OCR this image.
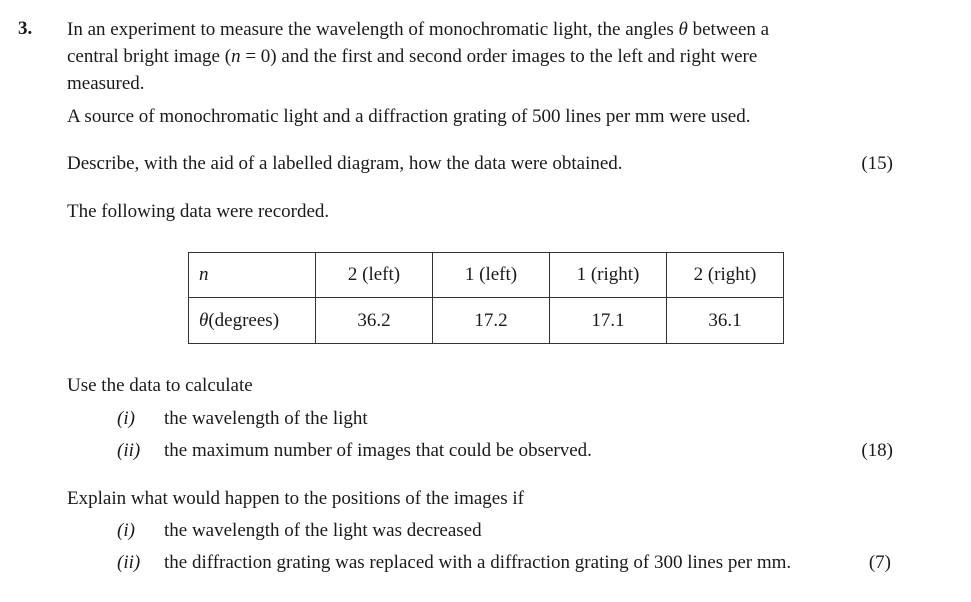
3. In an experiment to measure the wavelength of monochromatic light, the angles θ between a
central bright image (n = 0) and the first and second order images to the left and right were
measured.
A source of monochromatic light and a diffraction grating of 500 lines per mm were used.
Describe, with the aid of a labelled diagram, how the data were obtained.	(15)
The following data were recorded.
n	2 (left)	1 (left)	1 (right)	2 (right)
θ(degrees)	36.2	17.2	17.1	36.1
Use the data to calculate
(i) the wavelength of the light
(ii) the maximum number of images that could be observed.	(18)
Explain what would happen to the positions of the images if
(i) the wavelength of the light was decreased
(ii) the diffraction grating was replaced with a diffraction grating of 300 lines per mm.	(7)
